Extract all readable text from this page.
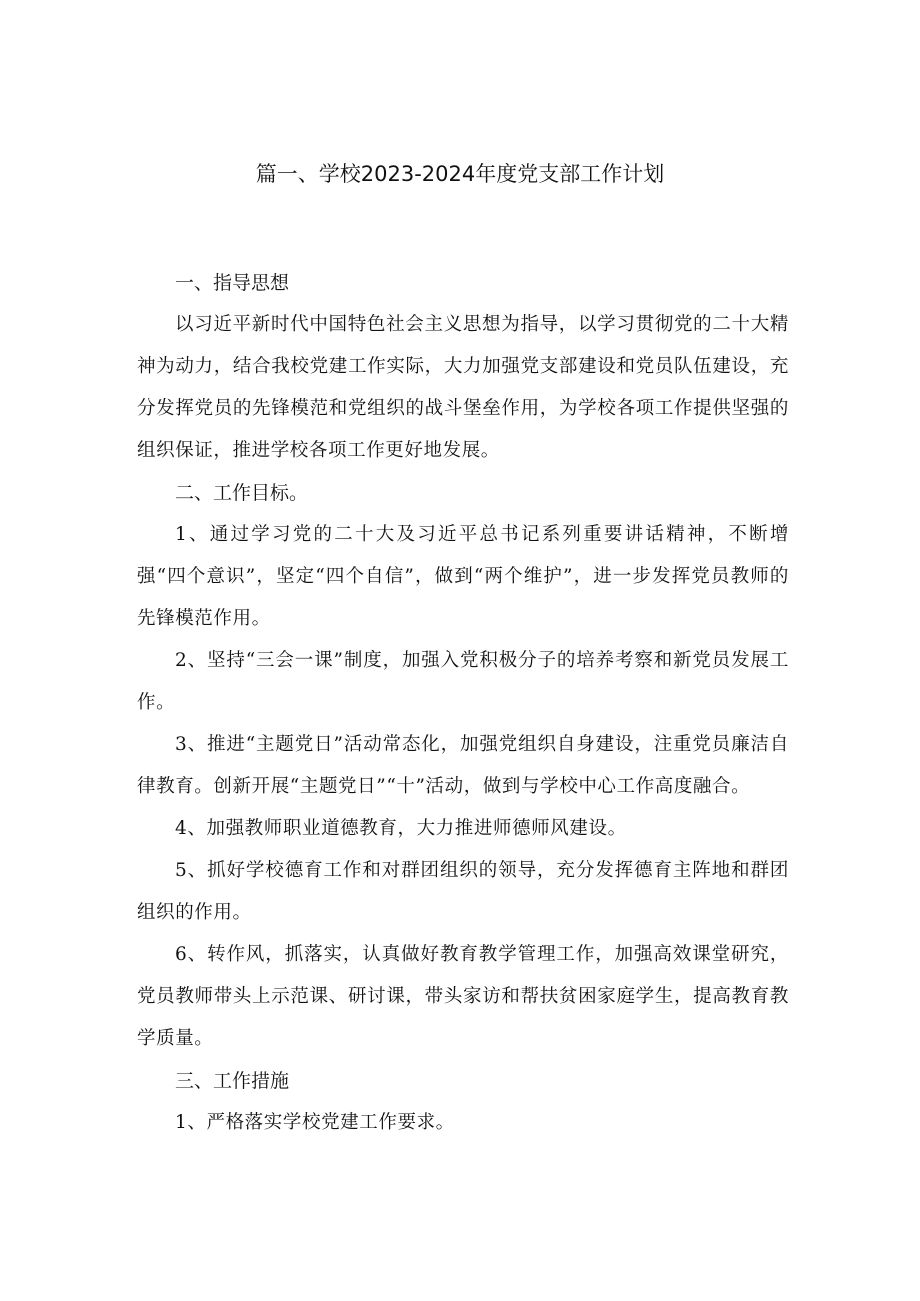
篇一、学校2023-2024年度党支部工作计划
一、指导思想

以习近平新时代中国特色社会主义思想为指导，以学习贯彻党的二十大精神为动力，结合我校党建工作实际，大力加强党支部建设和党员队伍建设，充分发挥党员的先锋模范和党组织的战斗堡垒作用，为学校各项工作提供坚强的组织保证，推进学校各项工作更好地发展。

二、工作目标。

1、通过学习党的二十大及习近平总书记系列重要讲话精神，不断增强“四个意识”，坚定“四个自信”，做到“两个维护”，进一步发挥党员教师的先锋模范作用。

2、坚持“三会一课”制度，加强入党积极分子的培养考察和新党员发展工作。

3、推进“主题党日”活动常态化，加强党组织自身建设，注重党员廉洁自律教育。创新开展“主题党日”“十”活动，做到与学校中心工作高度融合。

4、加强教师职业道德教育，大力推进师德师风建设。

5、抓好学校德育工作和对群团组织的领导，充分发挥德育主阵地和群团组织的作用。

6、转作风，抓落实，认真做好教育教学管理工作，加强高效课堂研究，党员教师带头上示范课、研讨课，带头家访和帮扶贫困家庭学生，提高教育教学质量。

三、工作措施

1、严格落实学校党建工作要求。
